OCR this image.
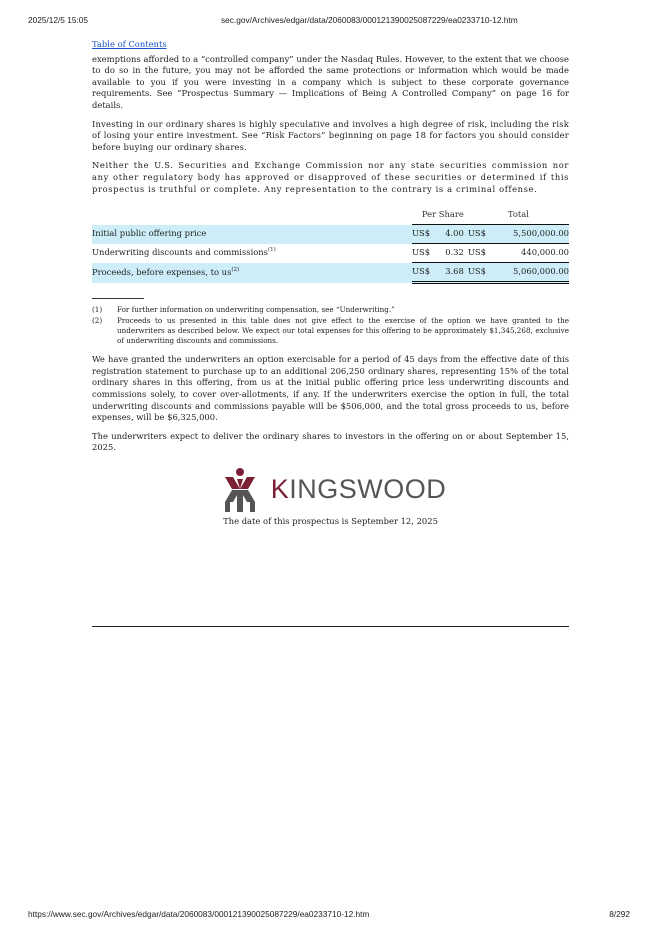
2025/12/5 15:05	sec.gov/Archives/edgar/data/2060083/000121390025087229/ea0233710-12.htm
Table of Contents

exemptions afforded to a “controlled company” under the Nasdaq Rules. However, to the extent that we choose to do so in the future, you may not be afforded the same protections or information which would be made available to you if you were investing in a company which is subject to these corporate governance requirements. See “Prospectus Summary — Implications of Being A Controlled Company” on page 16 for details.

Investing in our ordinary shares is highly speculative and involves a high degree of risk, including the risk of losing your entire investment. See “Risk Factors” beginning on page 18 for factors you should consider before buying our ordinary shares.

Neither the U.S. Securities and Exchange Commission nor any state securities commission nor any other regulatory body has approved or disapproved of these securities or determined if this prospectus is truthful or complete. Any representation to the contrary is a criminal offense.

	Per Share			Total	
Initial public offering price	US$	4.00		US$	5,500,000.00
Underwriting discounts and commissions$^{(1)}$	US$	0.32		US$	440,000.00
Proceeds, before expenses, to $us^{(2)}$	US$	3.68		US$	5,060,000.00
(1)	For further information on underwriting compensation, see “Underwriting.”
(2)	Proceeds to us presented in this table does not give effect to the exercise of the option we have granted to the underwriters as described below. We expect our total expenses for this offering to be approximately $1,345,268, exclusive of underwriting discounts and commissions.

We have granted the underwriters an option exercisable for a period of 45 days from the effective date of this registration statement to purchase up to an additional 206,250 ordinary shares, representing 15% of the total ordinary shares in this offering, from us at the initial public offering price less underwriting discounts and commissions solely, to cover over-allotments, if any. If the underwriters exercise the option in full, the total underwriting discounts and commissions payable will be $506,000, and the total gross proceeds to us, before expenses, will be $6,325,000.

The underwriters expect to deliver the ordinary shares to investors in the offering on or about September 15, 2025.

KINGSWOOD
The date of this prospectus is September 12, 2025
https://www.sec.gov/Archives/edgar/data/2060083/000121390025087229/ea0233710-12.htm	8/292
